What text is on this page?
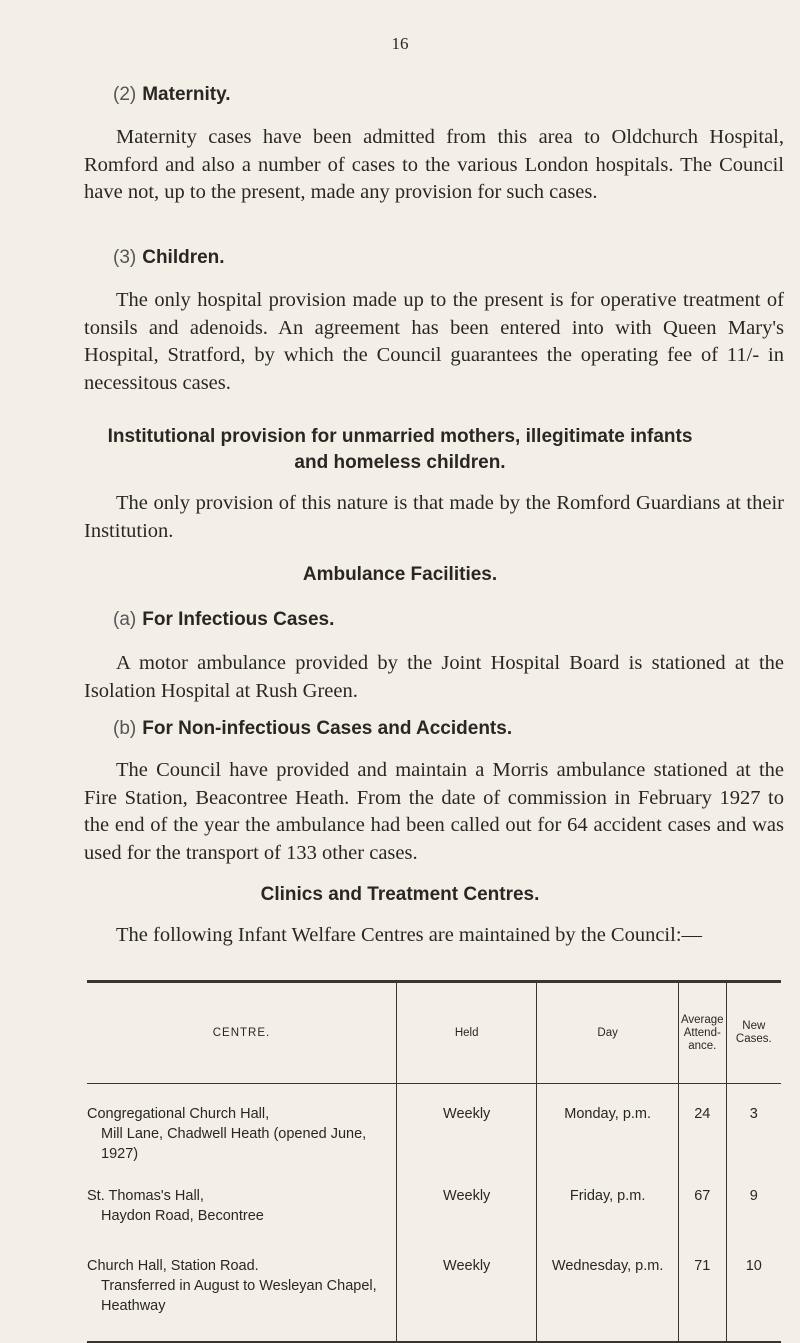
16
(2) Maternity.

Maternity cases have been admitted from this area to Oldchurch Hospital, Romford and also a number of cases to the various London hospitals. The Council have not, up to the present, made any provision for such cases.

(3) Children.

The only hospital provision made up to the present is for operative treatment of tonsils and adenoids. An agreement has been entered into with Queen Mary's Hospital, Stratford, by which the Council guarantees the operating fee of 11/- in necessitous cases.

Institutional provision for unmarried mothers, illegitimate infants
and homeless children.

The only provision of this nature is that made by the Romford Guardians at their Institution.

Ambulance Facilities.
(a) For Infectious Cases.

A motor ambulance provided by the Joint Hospital Board is stationed at the Isolation Hospital at Rush Green.

(b) For Non-infectious Cases and Accidents.

The Council have provided and maintain a Morris ambulance stationed at the Fire Station, Beacontree Heath. From the date of commission in February 1927 to the end of the year the ambulance had been called out for 64 accident cases and was used for the transport of 133 other cases.

Clinics and Treatment Centres.

The following Infant Welfare Centres are maintained by the Council:—

CENTRE.	Held	Day	Average Attend- ance.	New Cases.

Congregational Church Hall,
Mill Lane, Chadwell Heath (opened June, 1927)	Weekly	Monday, p.m.	24	3

St. Thomas's Hall,
Haydon Road, Becontree	Weekly	Friday, p.m.	67	9

Church Hall, Station Road.
Transferred in August to Wesleyan Chapel, Heathway	Weekly	Wednesday, p.m.	71	10
